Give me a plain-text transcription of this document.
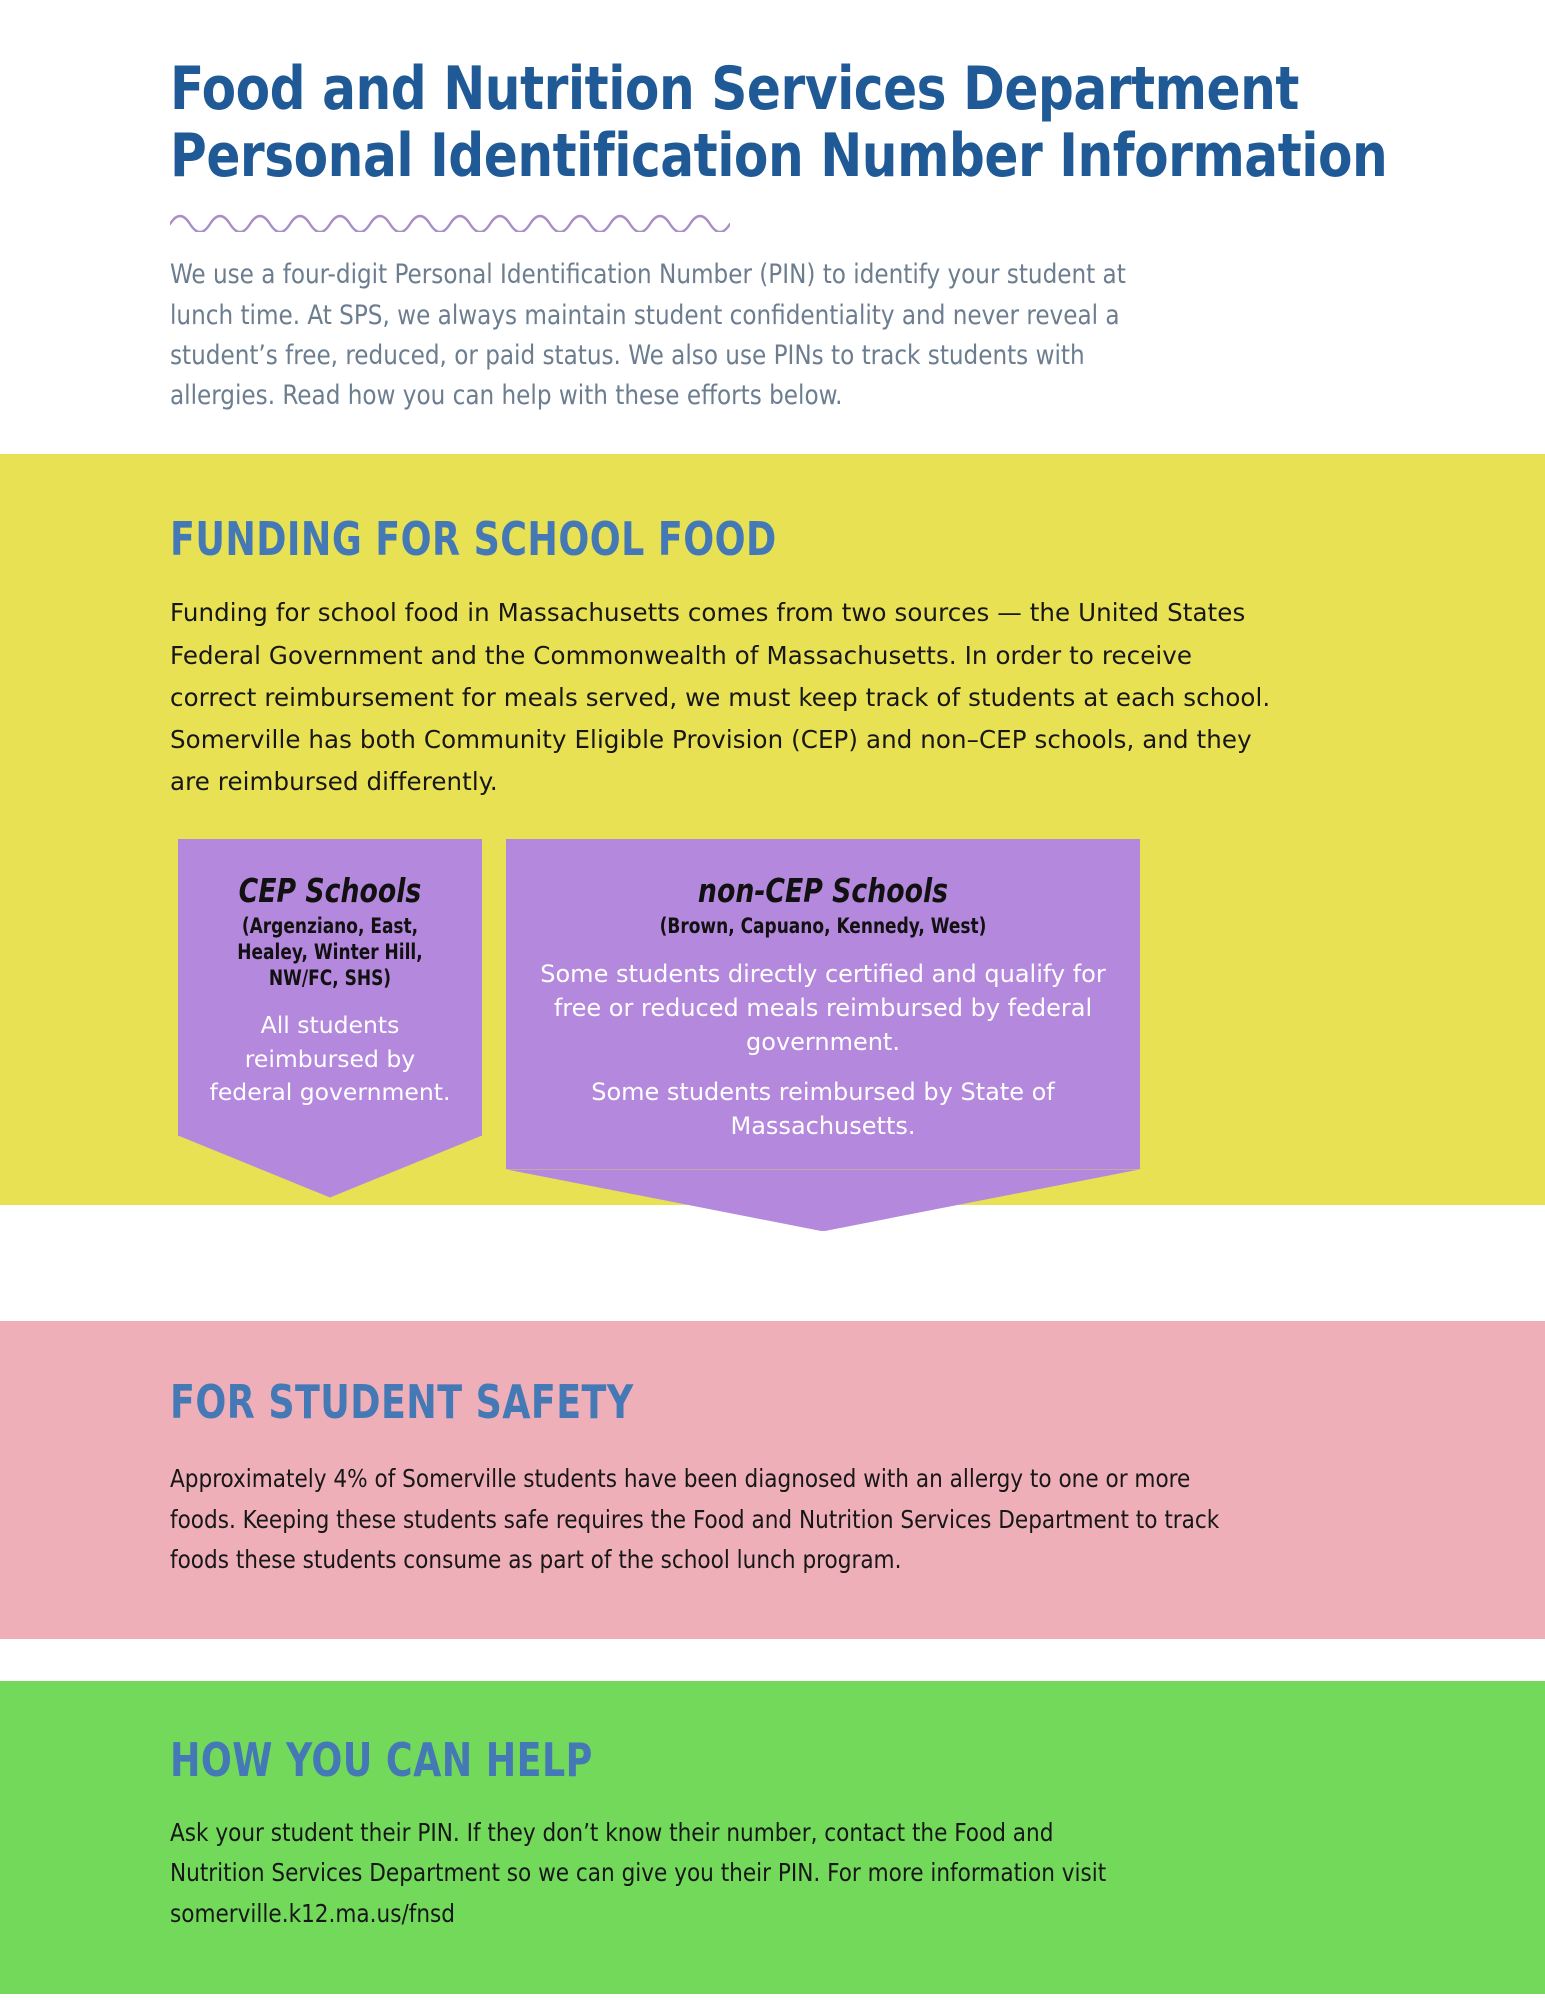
Food and Nutrition Services Department
Personal Identification Number Information

We use a four-digit Personal Identification Number (PIN) to identify your student at lunch time. At SPS, we always maintain student confidentiality and never reveal a student’s free, reduced, or paid status. We also use PINs to track students with allergies. Read how you can help with these efforts below.

FUNDING FOR SCHOOL FOOD

Funding for school food in Massachusetts comes from two sources — the United States Federal Government and the Commonwealth of Massachusetts. In order to receive correct reimbursement for meals served, we must keep track of students at each school. Somerville has both Community Eligible Provision (CEP) and non–CEP schools, and they are reimbursed differently.

CEP Schools
(Argenziano, East, Healey, Winter Hill, NW/FC, SHS)

All students reimbursed by federal government.

non-CEP Schools
(Brown, Capuano, Kennedy, West)

Some students directly certified and qualify for free or reduced meals reimbursed by federal government.

Some students reimbursed by State of Massachusetts.

FOR STUDENT SAFETY

Approximately 4% of Somerville students have been diagnosed with an allergy to one or more foods. Keeping these students safe requires the Food and Nutrition Services Department to track foods these students consume as part of the school lunch program.

HOW YOU CAN HELP

Ask your student their PIN. If they don’t know their number, contact the Food and Nutrition Services Department so we can give you their PIN. For more information visit somerville.k12.ma.us/fnsd
